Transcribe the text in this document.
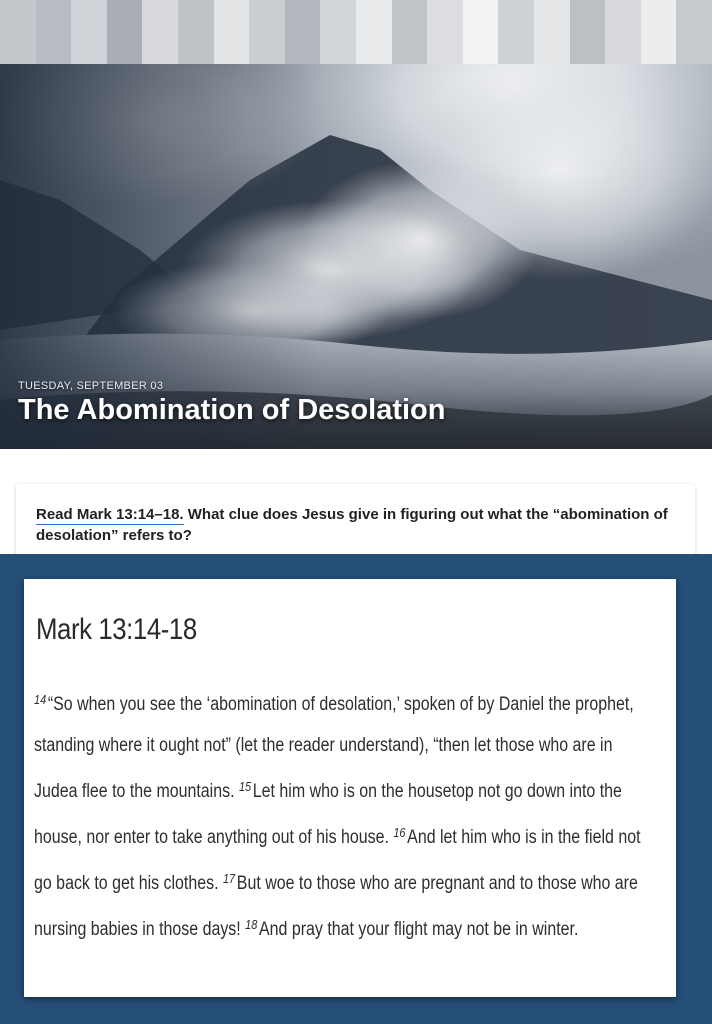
TUESDAY, SEPTEMBER 03
The Abomination of Desolation

Read Mark 13:14–18. What clue does Jesus give in figuring out what the “abomination of desolation” refers to?

Mark 13:14-18

$^{14}$“So when you see the ‘abomination of desolation,’ spoken of by Daniel the prophet, standing where it ought not” (let the reader understand), “then let those who are in Judea flee to the mountains. $^{15}$Let him who is on the housetop not go down into the house, nor enter to take anything out of his house. $^{16}$And let him who is in the field not go back to get his clothes. $^{17}$But woe to those who are pregnant and to those who are nursing babies in those days! $^{18}$And pray that your flight may not be in winter.
